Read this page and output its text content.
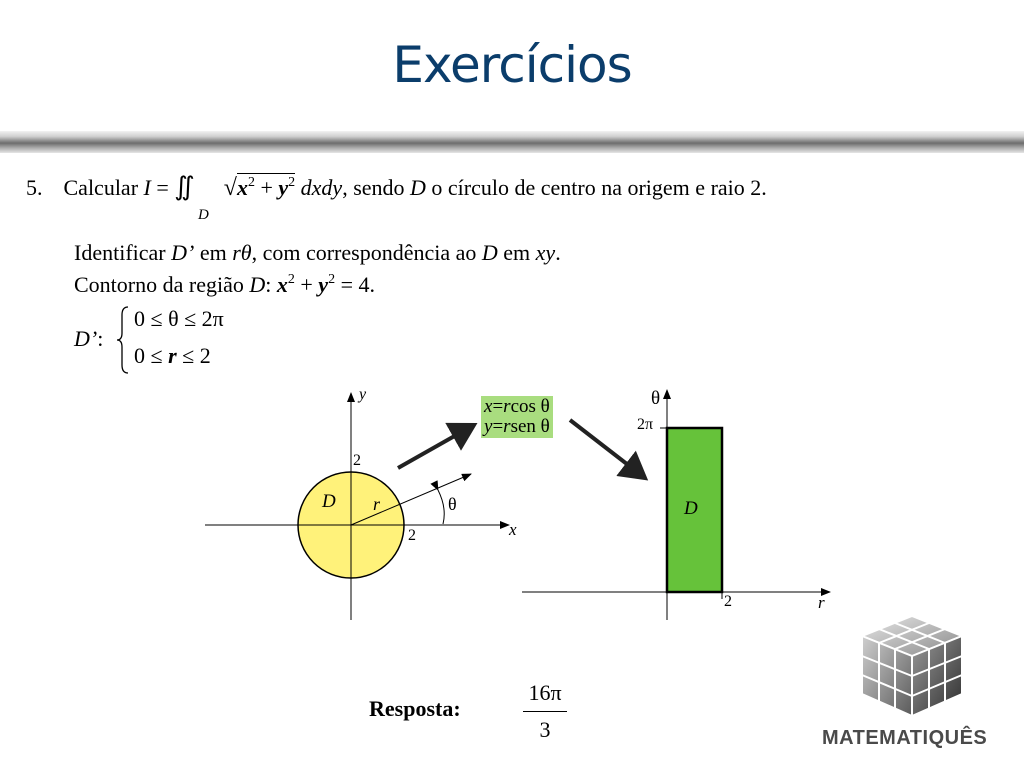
Exercícios
5. Calcular I = ∬ $√x^2 + y^2$ dxdy, sendo D o círculo de centro na origem e raio 2.
D
Identificar D’ em rθ, com correspondência ao D em xy.
Contorno da região D: $x^2 + y^2 = 4$.
D’:
0 ≤ θ ≤ 2π
0 ≤ r ≤ 2
y
x
2
2
D r	θ
x=rcos θ
y=rsen θ
θ
2π
r
2
D
Resposta:
16π
3	MATEMATIQUÊS
